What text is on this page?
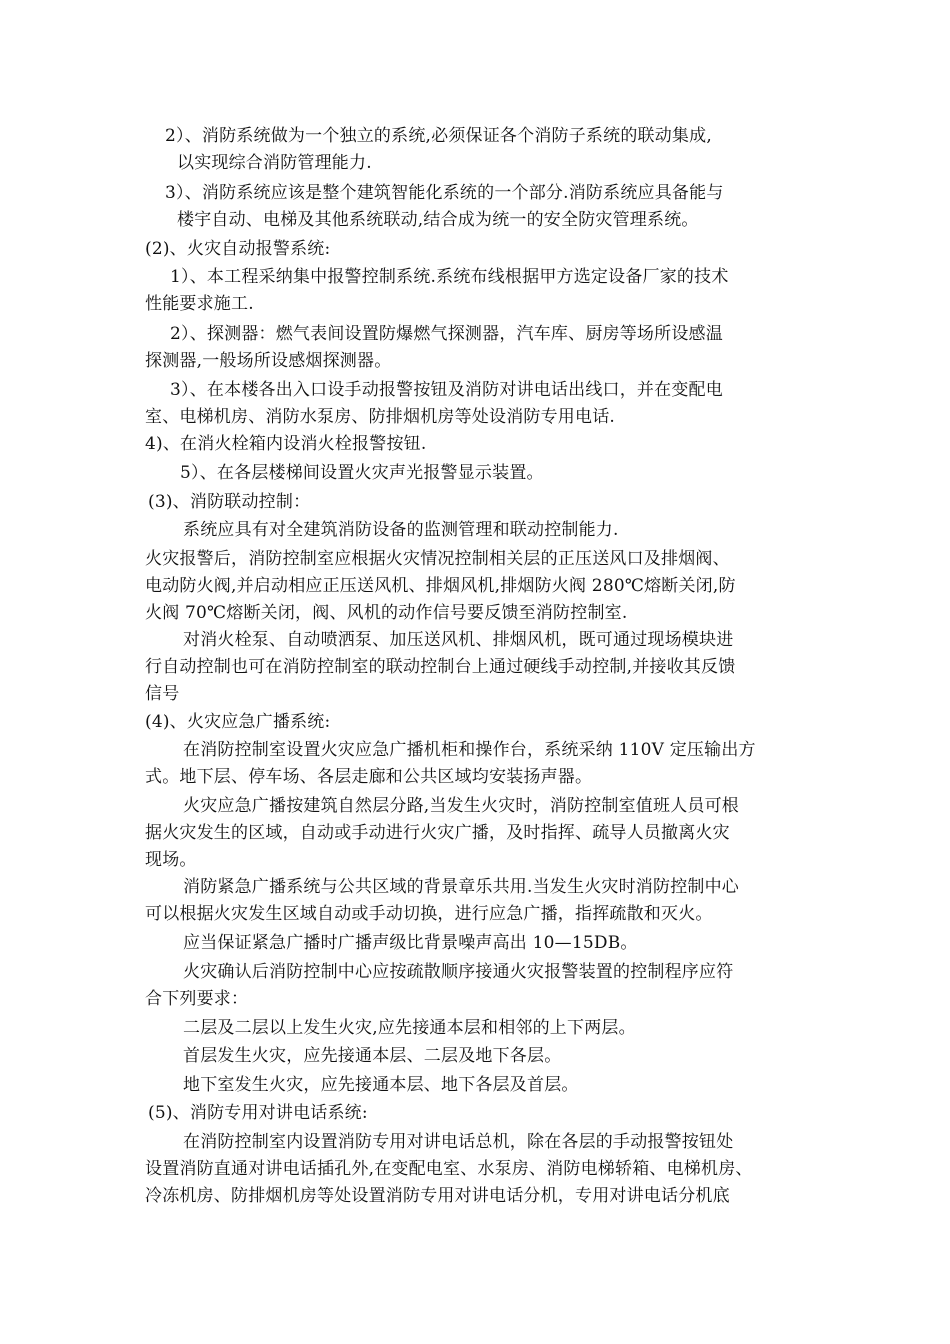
2）、消防系统做为一个独立的系统,必须保证各个消防子系统的联动集成,
以实现综合消防管理能力.

3）、消防系统应该是整个建筑智能化系统的一个部分.消防系统应具备能与
楼宇自动、电梯及其他系统联动,结合成为统一的安全防灾管理系统。

(2)、火灾自动报警系统:

1）、本工程采纳集中报警控制系统.系统布线根据甲方选定设备厂家的技术
性能要求施工.

2）、探测器：燃气表间设置防爆燃气探测器，汽车库、厨房等场所设感温
探测器,一般场所设感烟探测器。

3）、在本楼各出入口设手动报警按钮及消防对讲电话出线口，并在变配电
室、电梯机房、消防水泵房、防排烟机房等处设消防专用电话.

4)、在消火栓箱内设消火栓报警按钮.

5）、在各层楼梯间设置火灾声光报警显示装置。

(3)、消防联动控制：

系统应具有对全建筑消防设备的监测管理和联动控制能力.

火灾报警后，消防控制室应根据火灾情况控制相关层的正压送风口及排烟阀、
电动防火阀,并启动相应正压送风机、排烟风机,排烟防火阀 280℃熔断关闭,防
火阀 70℃熔断关闭，阀、风机的动作信号要反馈至消防控制室.

对消火栓泵、自动喷洒泵、加压送风机、排烟风机，既可通过现场模块进
行自动控制也可在消防控制室的联动控制台上通过硬线手动控制,并接收其反馈
信号

(4)、火灾应急广播系统:

在消防控制室设置火灾应急广播机柜和操作台，系统采纳 110V 定压输出方
式。地下层、停车场、各层走廊和公共区域均安装扬声器。

火灾应急广播按建筑自然层分路,当发生火灾时，消防控制室值班人员可根
据火灾发生的区域，自动或手动进行火灾广播，及时指挥、疏导人员撤离火灾
现场。

消防紧急广播系统与公共区域的背景章乐共用.当发生火灾时消防控制中心
可以根据火灾发生区域自动或手动切换，进行应急广播，指挥疏散和灭火。

应当保证紧急广播时广播声级比背景噪声高出 10—15DB。

火灾确认后消防控制中心应按疏散顺序接通火灾报警装置的控制程序应符
合下列要求：

二层及二层以上发生火灾,应先接通本层和相邻的上下两层。

首层发生火灾，应先接通本层、二层及地下各层。

地下室发生火灾，应先接通本层、地下各层及首层。

(5)、消防专用对讲电话系统:

在消防控制室内设置消防专用对讲电话总机，除在各层的手动报警按钮处
设置消防直通对讲电话插孔外,在变配电室、水泵房、消防电梯轿箱、电梯机房、
冷冻机房、防排烟机房等处设置消防专用对讲电话分机，专用对讲电话分机底
